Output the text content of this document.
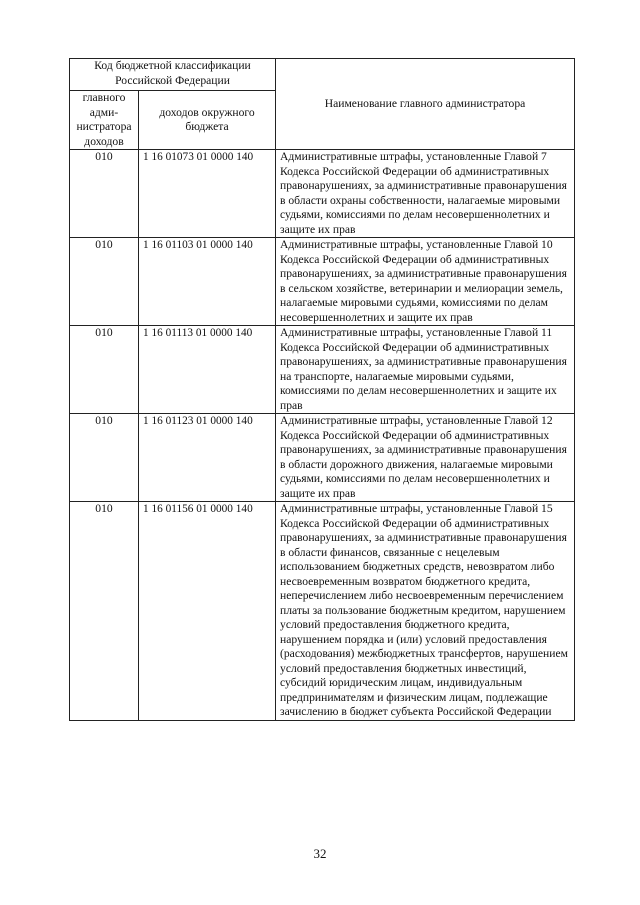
Код бюджетной классификации Российской Федерации		Наименование главного администратора
главного адми-нистратора доходов	доходов окружного бюджета	
010	1 16 01073 01 0000 140	Административные штрафы, установленные Главой 7 Кодекса Российской Федерации об административных правонарушениях, за административные правонарушения в области охраны собственности, налагаемые мировыми судьями, комиссиями по делам несовершеннолетних и защите их прав
010	1 16 01103 01 0000 140	Административные штрафы, установленные Главой 10 Кодекса Российской Федерации об административных правонарушениях, за административные правонарушения в сельском хозяйстве, ветеринарии и мелиорации земель, налагаемые мировыми судьями, комиссиями по делам несовершеннолетних и защите их прав
010	1 16 01113 01 0000 140	Административные штрафы, установленные Главой 11 Кодекса Российской Федерации об административных правонарушениях, за административные правонарушения на транспорте, налагаемые мировыми судьями, комиссиями по делам несовершеннолетних и защите их прав
010	1 16 01123 01 0000 140	Административные штрафы, установленные Главой 12 Кодекса Российской Федерации об административных правонарушениях, за административные правонарушения в области дорожного движения, налагаемые мировыми судьями, комиссиями по делам несовершеннолетних и защите их прав
010	1 16 01156 01 0000 140	Административные штрафы, установленные Главой 15 Кодекса Российской Федерации об административных правонарушениях, за административные правонарушения в области финансов, связанные с нецелевым использованием бюджетных средств, невозвратом либо несвоевременным возвратом бюджетного кредита, неперечислением либо несвоевременным перечислением платы за пользование бюджетным кредитом, нарушением условий предоставления бюджетного кредита, нарушением порядка и (или) условий предоставления (расходования) межбюджетных трансфертов, нарушением условий предоставления бюджетных инвестиций, субсидий юридическим лицам, индивидуальным предпринимателям и физическим лицам, подлежащие зачислению в бюджет субъекта Российской Федерации
32
